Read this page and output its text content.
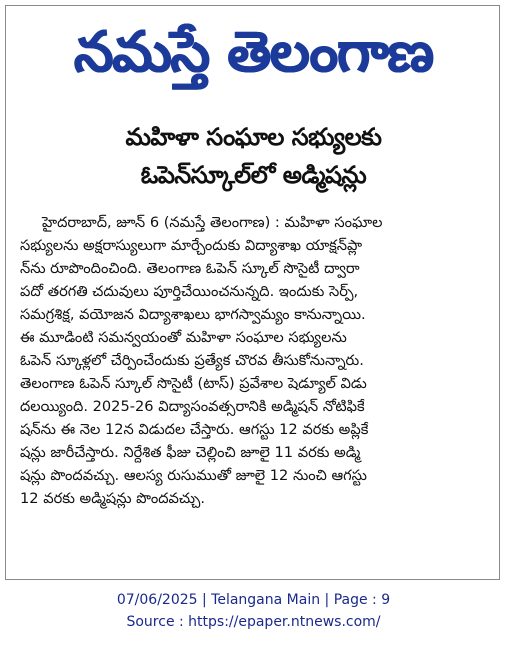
నమస్తే తెలంగాణ
మహిళా సంఘాల సభ్యులకు
ఓపెన్‌స్కూల్‌లో అడ్మిషన్లు
హైదరాబాద్, జూన్ 6 (నమస్తే తెలంగాణ) : మహిళా సంఘాల
సభ్యులను అక్షరాస్యులుగా మార్చేందుకు విద్యాశాఖ యాక్షన్‌ప్లా
న్‌ను రూపొందించింది. తెలంగాణ ఓపెన్ స్కూల్ సొసైటీ ద్వారా
పదో తరగతి చదువులు పూర్తిచేయించనున్నది. ఇందుకు సెర్ప్,
సమగ్రశిక్ష, వయోజన విద్యాశాఖలు భాగస్వామ్యం కానున్నాయి.
ఈ మూడింటి సమన్వయంతో మహిళా సంఘాల సభ్యులను
ఓపెన్ స్కూళ్లలో చేర్పించేందుకు ప్రత్యేక చొరవ తీసుకోనున్నారు.
తెలంగాణ ఓపెన్ స్కూల్ సొసైటీ (టాస్) ప్రవేశాల షెడ్యూల్ విడు
దలయ్యింది. 2025-26 విద్యాసంవత్సరానికి అడ్మిషన్ నోటిఫికే
షన్‌ను ఈ నెల 12న విడుదల చేస్తారు. ఆగస్టు 12 వరకు అప్లికే
షన్లు జారీచేస్తారు. నిర్దేశిత ఫీజు చెల్లించి జూలై 11 వరకు అడ్మి
షన్లు పొందవచ్చు. ఆలస్య రుసుముతో జూలై 12 నుంచి ఆగస్టు
12 వరకు అడ్మిషన్లు పొందవచ్చు.
07/06/2025 | Telangana Main | Page : 9
Source : https://epaper.ntnews.com/
